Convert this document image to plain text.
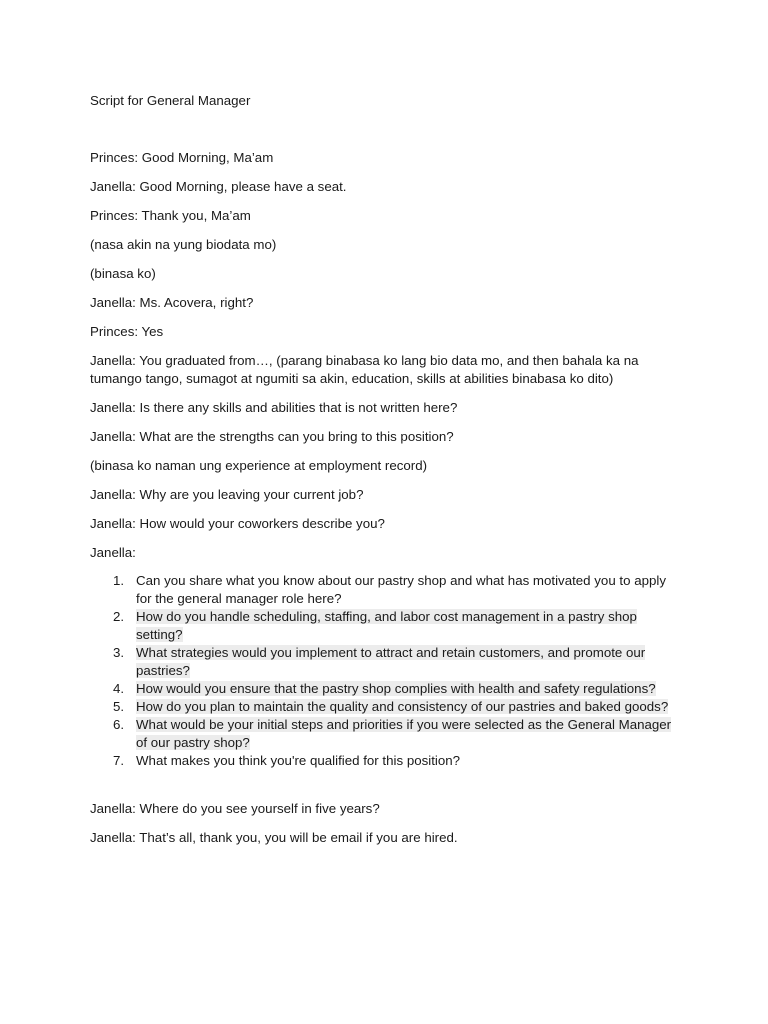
Script for General Manager

Princes: Good Morning, Ma’am

Janella: Good Morning, please have a seat.

Princes: Thank you, Ma’am

(nasa akin na yung biodata mo)

(binasa ko)

Janella: Ms. Acovera, right?

Princes: Yes

Janella: You graduated from…, (parang binabasa ko lang bio data mo, and then bahala ka na tumango tango, sumagot at ngumiti sa akin, education, skills at abilities binabasa ko dito)

Janella: Is there any skills and abilities that is not written here?

Janella: What are the strengths can you bring to this position?

(binasa ko naman ung experience at employment record)

Janella: Why are you leaving your current job?

Janella: How would your coworkers describe you?

Janella:

1. Can you share what you know about our pastry shop and what has motivated you to apply for the general manager role here?
2. How do you handle scheduling, staffing, and labor cost management in a pastry shop setting?
3. What strategies would you implement to attract and retain customers, and promote our pastries?
4. How would you ensure that the pastry shop complies with health and safety regulations?
5. How do you plan to maintain the quality and consistency of our pastries and baked goods?
6. What would be your initial steps and priorities if you were selected as the General Manager of our pastry shop?
7. What makes you think you're qualified for this position?

Janella: Where do you see yourself in five years?

Janella: That’s all, thank you, you will be email if you are hired.
